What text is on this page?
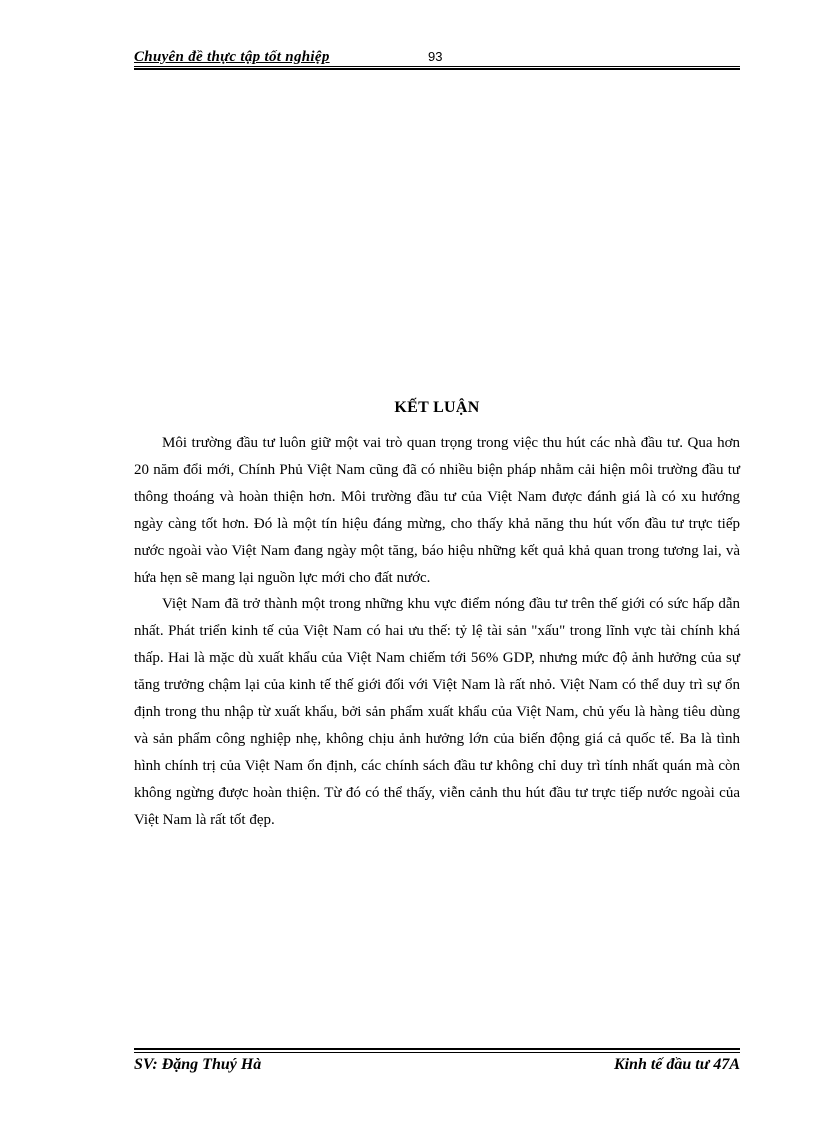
Chuyên đề thực tập tốt nghiệp	93
KẾT LUẬN

Môi trường đầu tư luôn giữ một vai trò quan trọng trong việc thu hút các nhà đầu tư. Qua hơn 20 năm đổi mới, Chính Phủ Việt Nam cũng đã có nhiều biện pháp nhằm cải hiện môi trường đầu tư thông thoáng và hoàn thiện hơn. Môi trường đầu tư của Việt Nam được đánh giá là có xu hướng ngày càng tốt hơn. Đó là một tín hiệu đáng mừng, cho thấy khả năng thu hút vốn đầu tư trực tiếp nước ngoài vào Việt Nam đang ngày một tăng, báo hiệu những kết quả khả quan trong tương lai, và hứa hẹn sẽ mang lại nguồn lực mới cho đất nước.

Việt Nam đã trở thành một trong những khu vực điểm nóng đầu tư trên thế giới có sức hấp dẫn nhất. Phát triển kinh tế của Việt Nam có hai ưu thế: tỷ lệ tài sản "xấu" trong lĩnh vực tài chính khá thấp. Hai là mặc dù xuất khẩu của Việt Nam chiếm tới 56% GDP, nhưng mức độ ảnh hưởng của sự tăng trưởng chậm lại của kinh tế thế giới đối với Việt Nam là rất nhỏ. Việt Nam có thể duy trì sự ổn định trong thu nhập từ xuất khẩu, bởi sản phẩm xuất khẩu của Việt Nam, chủ yếu là hàng tiêu dùng và sản phẩm công nghiệp nhẹ, không chịu ảnh hưởng lớn của biến động giá cả quốc tế. Ba là tình hình chính trị của Việt Nam ổn định, các chính sách đầu tư không chỉ duy trì tính nhất quán mà còn không ngừng được hoàn thiện. Từ đó có thể thấy, viễn cảnh thu hút đầu tư trực tiếp nước ngoài của Việt Nam là rất tốt đẹp.

SV: Đặng Thuý Hà	Kinh tế đầu tư 47A
